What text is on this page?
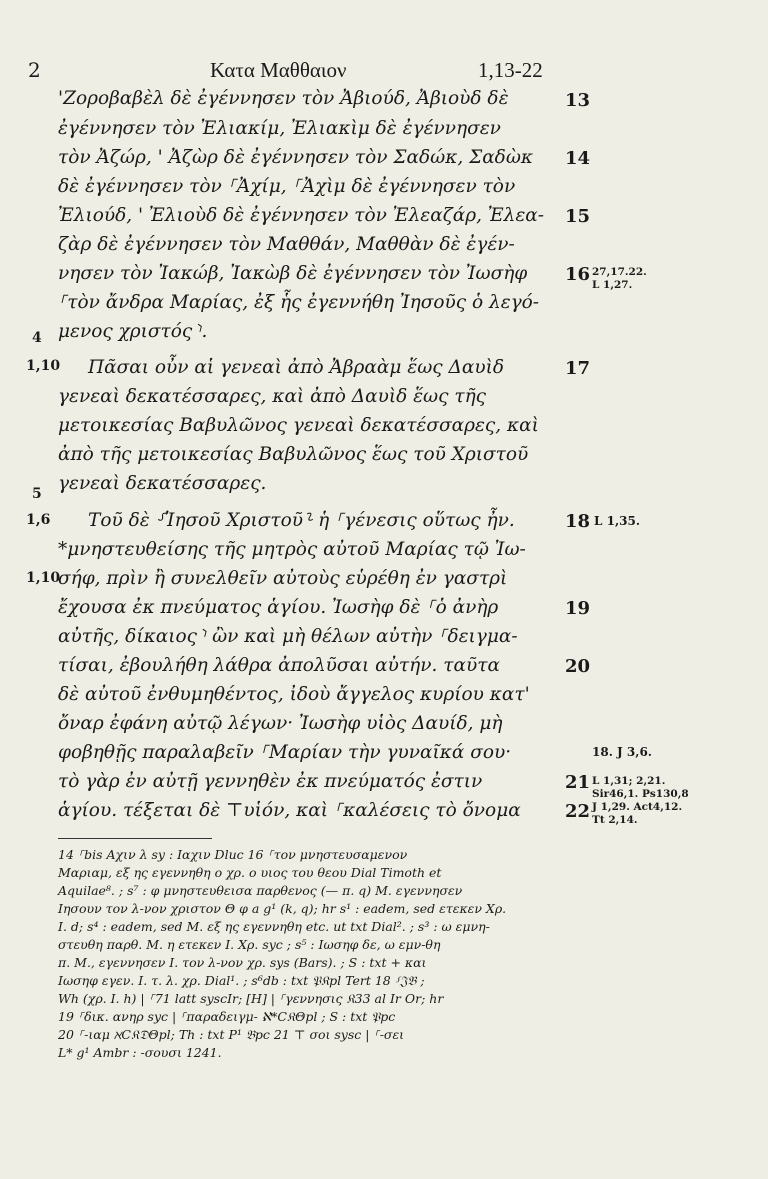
2	Κατα Μαθθαιον	1,13-22
'Ζοροβαβὲλ δὲ ἐγέννησεν τὸν Ἀβιούδ, Ἀβιοὺδ δὲ
ἐγέννησεν τὸν Ἐλιακίμ, Ἐλιακὶμ δὲ ἐγέννησεν
τὸν Ἀζώρ, ' Ἀζὼρ δὲ ἐγέννησεν τὸν Σαδώκ, Σαδὼκ
δὲ ἐγέννησεν τὸν ⸀Ἀχίμ, ⸀Ἀχὶμ δὲ ἐγέννησεν τὸν
Ἐλιούδ, ' Ἐλιοὺδ δὲ ἐγέννησεν τὸν Ἐλεαζάρ, Ἐλεα-
ζὰρ δὲ ἐγέννησεν τὸν Μαθθάν, Μαθθὰν δὲ ἐγέν-
νησεν τὸν Ἰακώβ, Ἰακὼβ δὲ ἐγέννησεν τὸν Ἰωσὴφ
⸀τὸν ἄνδρα Μαρίας, ἐξ ἧς ἐγεννήθη Ἰησοῦς ὁ λεγό-
μενος χριστός⸃.
Πᾶσαι οὖν αἱ γενεαὶ ἀπὸ Ἀβραὰμ ἕως Δαυὶδ
γενεαὶ δεκατέσσαρες, καὶ ἀπὸ Δαυὶδ ἕως τῆς
μετοικεσίας Βαβυλῶνος γενεαὶ δεκατέσσαρες, καὶ
ἀπὸ τῆς μετοικεσίας Βαβυλῶνος ἕως τοῦ Χριστοῦ
γενεαὶ δεκατέσσαρες.
Τοῦ δὲ ⸉Ἰησοῦ Χριστοῦ⸊ ἡ ⸀γένεσις οὕτως ἦν.
*μνηστευθείσης τῆς μητρὸς αὐτοῦ Μαρίας τῷ Ἰω-
σήφ, πρὶν ἢ συνελθεῖν αὐτοὺς εὑρέθη ἐν γαστρὶ
ἔχουσα ἐκ πνεύματος ἁγίου. Ἰωσὴφ δὲ ⸀ὁ ἀνὴρ
αὐτῆς, δίκαιος⸃ ὢν καὶ μὴ θέλων αὐτὴν ⸀δειγμα-
τίσαι, ἐβουλήθη λάθρα ἀπολῦσαι αὐτήν. ταῦτα
δὲ αὐτοῦ ἐνθυμηθέντος, ἰδοὺ ἄγγελος κυρίου κατ'
ὄναρ ἐφάνη αὐτῷ λέγων· Ἰωσὴφ υἱὸς Δαυίδ, μὴ
φοβηθῇς παραλαβεῖν ⸀Μαρίαν τὴν γυναῖκά σου·
τὸ γὰρ ἐν αὐτῇ γεννηθὲν ἐκ πνεύματός ἐστιν
ἁγίου. τέξεται δὲ ⊤υἱόν, καὶ ⸀καλέσεις τὸ ὄνομα
13
14
15
16
17
18
19
20
21
22
4
1,10
5
1,6
1,10
27,17.22.
L 1,27.
L 1,35.
18. J 3,6.
L 1,31; 2,21.
Sir46,1. Ps130,8
J 1,29. Act4,12.
Tt 2,14.
14 ⸀bis Αχιν λ sy : Ιαχιν Dluc 16 ⸀τον μνηστευσαμενον
Μαριαμ, εξ ης εγεννηθη ο χρ. ο υιος του θεου Dial Timoth et
Aquilae⁸. ; s⁷ : φ μνηστευθεισα παρθενος (— π. q) Μ. εγεννησεν
Ιησουν τον λ-νον χριστον Θ φ a g¹ (k, q); hr s¹ : eadem, sed ετεκεν Χρ.
I. d; s⁴ : eadem, sed M. εξ ης εγεννηθη etc. ut txt Dial². ; s³ : ω εμνη-
στευθη παρθ. Μ. η ετεκεν Ι. Χρ. syc ; s⁵ : Ιωσηφ δε, ω εμν-θη
π. Μ., εγεννησεν Ι. τον λ-νον χρ. sys (Bars). ; S : txt + και
Ιωσηφ εγεν. Ι. τ. λ. χρ. Dial¹. ; s⁶db : txt 𝔓𝔎pl Tert 18 ⸉𝔍𝔅 ;
Wh (χρ. Ι. h) | ⸀71 latt syscIr; [H] | ⸀γεννησις 𝔎33 al Ir Or; hr
19 ⸀δικ. ανηρ syc | ⸀παραδειγμ- ℵ*C𝔎Θpl ; S : txt 𝔓pc
20 ⸀-ιαμ ℵC𝔎𝔇Θpl; Th : txt P¹ 𝔅pc 21 ⊤ σοι sysc | ⸀-σει
L* g¹ Ambr : -σουσι 1241.
